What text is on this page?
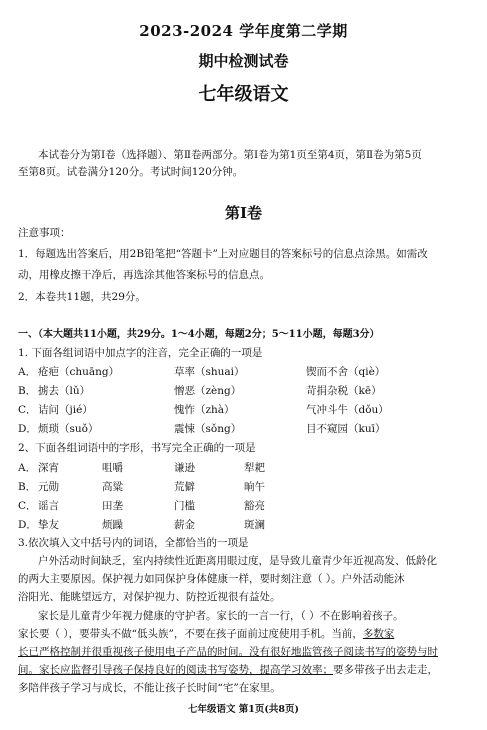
2023-2024 学年度第二学期
期中检测试卷
七年级语文
本试卷分为第Ⅰ卷（选择题）、第Ⅱ卷两部分。第Ⅰ卷为第1页至第4页，第Ⅱ卷为第5页
至第8页。试卷满分120分。考试时间120分钟。
第Ⅰ卷
注意事项：
1．每题选出答案后，用2B铅笔把“答题卡”上对应题目的答案标号的信息点涂黑。如需改
动，用橡皮擦干净后，再选涂其他答案标号的信息点。
2．本卷共11题，共29分。
一、（本大题共11小题，共29分。1～4小题，每题2分；5～11小题，每题3分）
1. 下面各组词语中加点字的注音，完全正确的一项是
A． 疮疤（chuāng）	草率（shuai）	锲而不舍（qiè）
B． 掳去（lǔ）	憎恶（zèng）	苛捐杂税（kē）
C． 诘问（jié）	愧怍（zhà）	气冲斗牛（dǒu）
D． 烦琐（suǒ）	震悚（sǒng）	目不窥园（kuī）
2、下面各组词语中的字形，书写完全正确的一项是
A． 深宵	咀嚼	谦逊	犁耙
B． 元勋	高粱	荒僻	晌午
C． 谣言	田垄	门槛	豁亮
D． 挚友	烦躁	薪金	斑澜
3.依次填入文中括号内的词语，全都恰当的一项是
户外活动时间缺乏，室内持续性近距离用眼过度，是导致儿童青少年近视高发、低龄化
的两大主要原因。保护视力如同保护身体健康一样，要时刻注意（ ）。户外活动能沐
浴阳光、能眺望远方，对保护视力、防控近视很有益处。
家长是儿童青少年视力健康的守护者。家长的一言一行，（ ）不在影响着孩子。
家长要（ ），要带头不做“低头族”，不要在孩子面前过度使用手机。当前，多数家
长已严格控制并很重视孩子使用电子产品的时间。没有很好地监管孩子阅读书写的姿势与时
间。家长应监督引导孩子保持良好的阅读书写姿势，提高学习效率；要多带孩子出去走走，
多陪伴孩子学习与成长，不能让孩子长时间“宅”在家里。
七年级语文 第1页(共8页)
